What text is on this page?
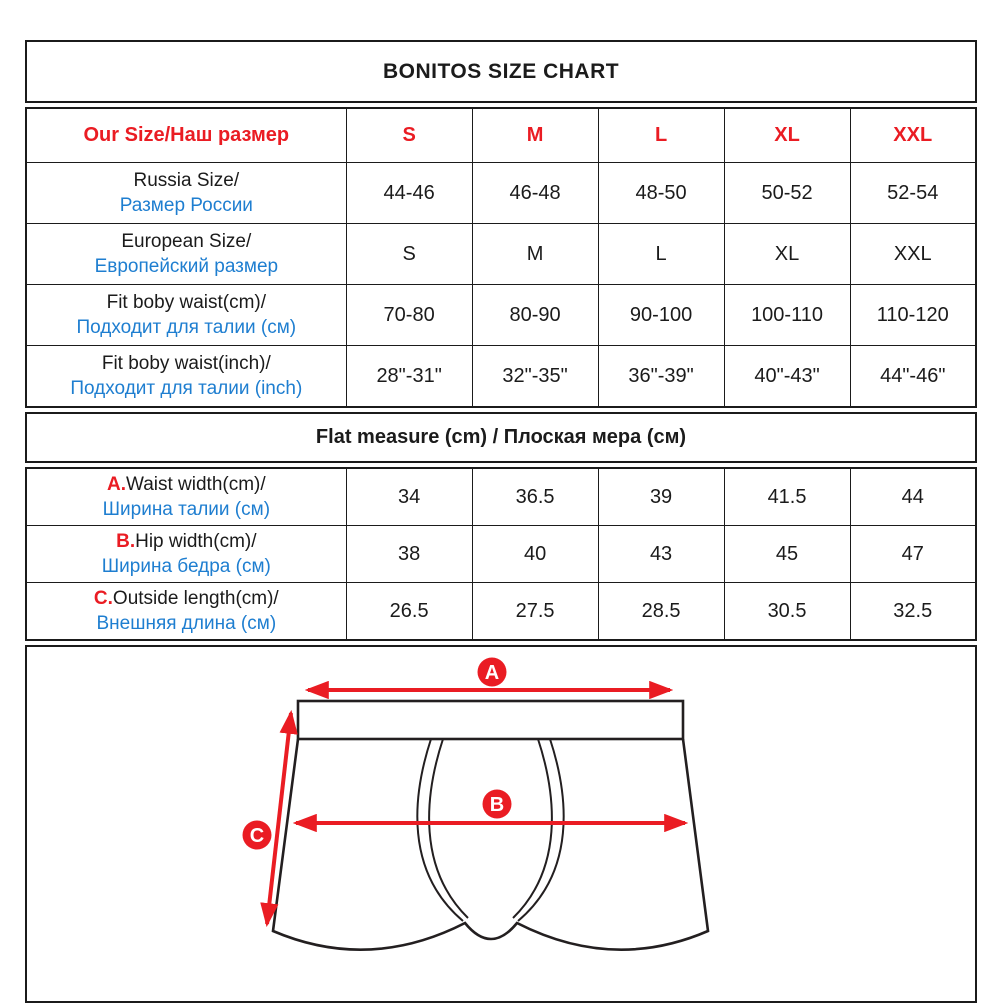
BONITOS SIZE CHART
Our Size/Наш размер	S	M	L	XL	XXL

Russia Size/
Размер России	44-46	46-48	48-50	50-52	52-54

European Size/
Европейский размер	S	M	L	XL	XXL

Fit boby waist(cm)/
Подходит для талии (см)	70-80	80-90	90-100	100-110	110-120

Fit boby waist(inch)/
Подходит для талии (inch)	28"-31"	32"-35"	36"-39"	40"-43"	44"-46"
Flat measure (cm) / Плоская мера (см)
A.Waist width(cm)/
Ширина талии (см)	34	36.5	39	41.5	44

B.Hip width(cm)/
Ширина бедра (см)	38	40	43	45	47

C.Outside length(cm)/
Внешняя длина (см)	26.5	27.5	28.5	30.5	32.5
A
B
C
